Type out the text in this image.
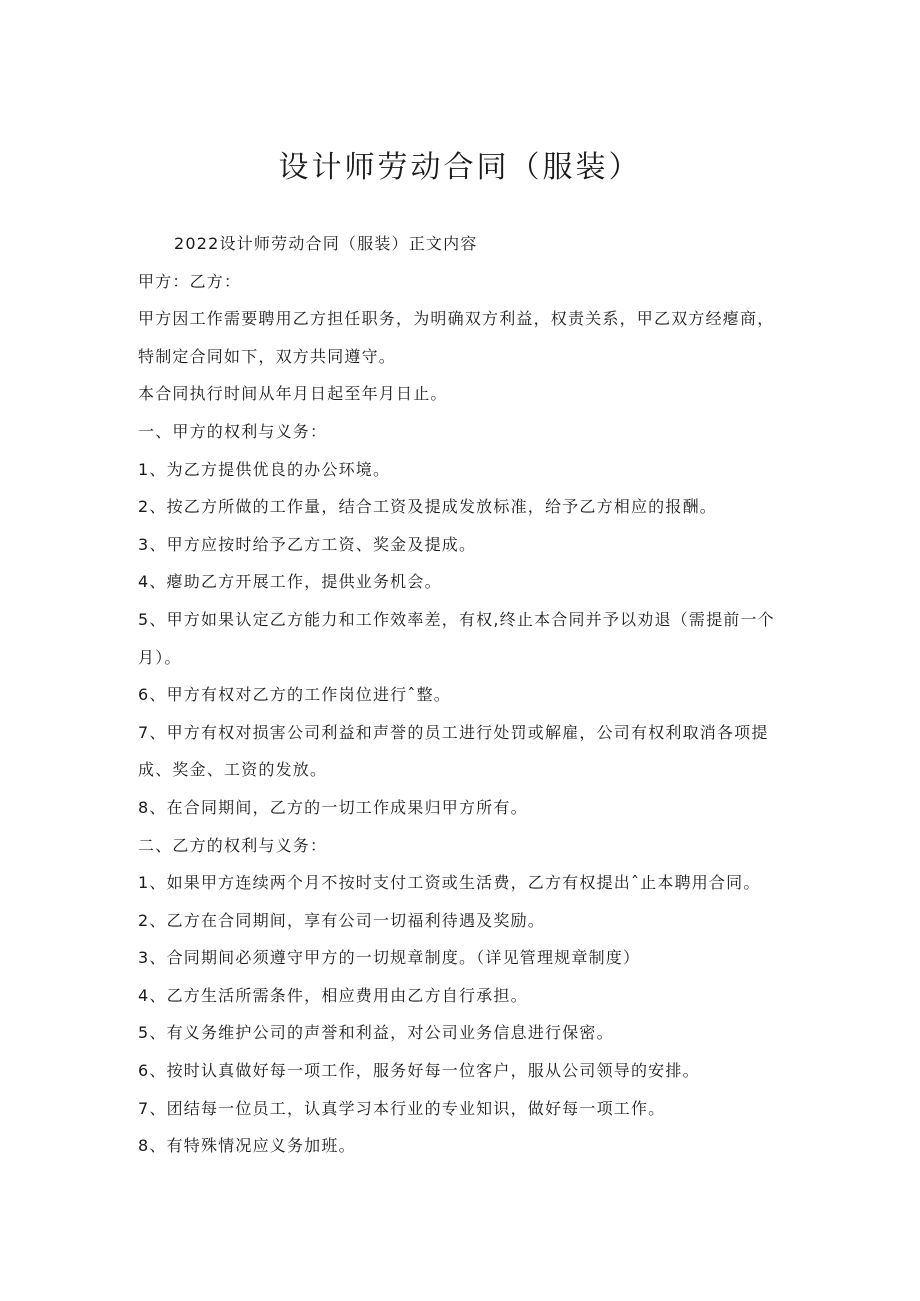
设计师劳动合同（服装）

2022设计师劳动合同（服装）正文内容

甲方：乙方：

甲方因工作需要聘用乙方担任职务，为明确双方利益，权责关系，甲乙双方经瘪商，

特制定合同如下，双方共同遵守。

本合同执行时间从年月日起至年月日止。

一、甲方的权利与义务：

1、为乙方提供优良的办公环境。

2、按乙方所做的工作量，结合工资及提成发放标准，给予乙方相应的报酬。

3、甲方应按时给予乙方工资、奖金及提成。

4、瘪助乙方开展工作，提供业务机会。

5、甲方如果认定乙方能力和工作效率差，有权,终止本合同并予以劝退（需提前一个

月）。

6、甲方有权对乙方的工作岗位进行ˆ整。

7、甲方有权对损害公司利益和声誉的员工进行处罚或解雇，公司有权利取消各项提

成、奖金、工资的发放。

8、在合同期间，乙方的一切工作成果归甲方所有。

二、乙方的权利与义务：

1、如果甲方连续两个月不按时支付工资或生活费，乙方有权提出ˆ止本聘用合同。

2、乙方在合同期间，享有公司一切福利待遇及奖励。

3、合同期间必须遵守甲方的一切规章制度。（详见管理规章制度）

4、乙方生活所需条件，相应费用由乙方自行承担。

5、有义务维护公司的声誉和利益，对公司业务信息进行保密。

6、按时认真做好每一项工作，服务好每一位客户，服从公司领导的安排。

7、团结每一位员工，认真学习本行业的专业知识，做好每一项工作。

8、有特殊情况应义务加班。
